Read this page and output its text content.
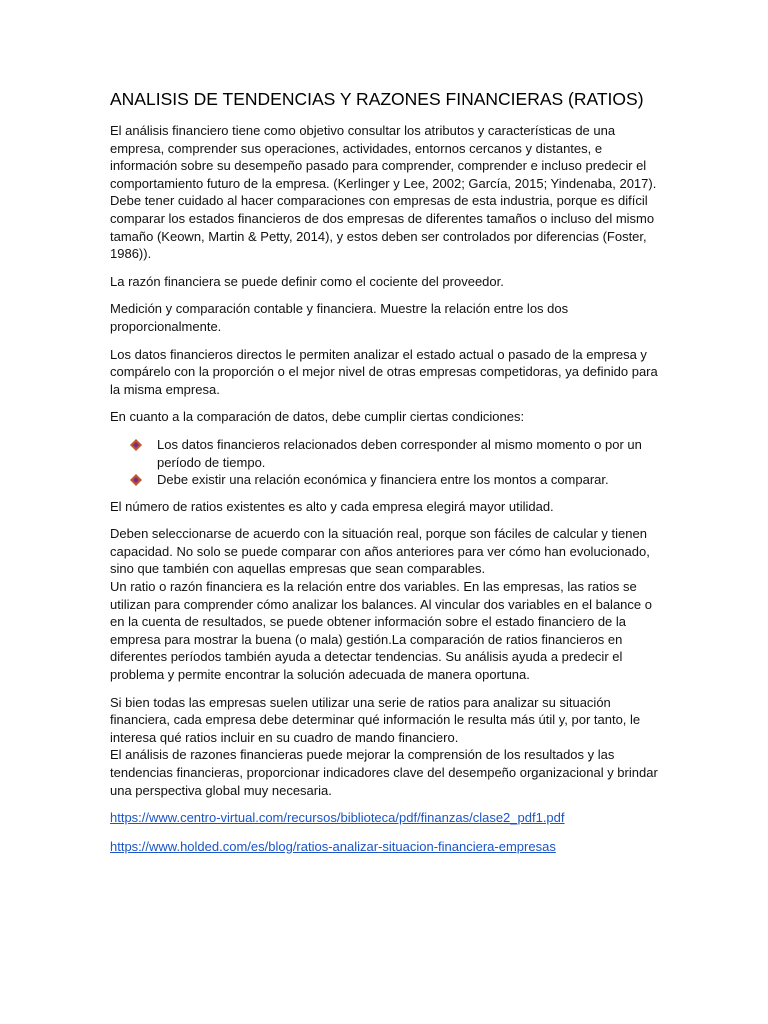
ANALISIS DE TENDENCIAS Y RAZONES FINANCIERAS (RATIOS)

El análisis financiero tiene como objetivo consultar los atributos y características de una empresa, comprender sus operaciones, actividades, entornos cercanos y distantes, e información sobre su desempeño pasado para comprender, comprender e incluso predecir el comportamiento futuro de la empresa. (Kerlinger y Lee, 2002; García, 2015; Yindenaba, 2017). Debe tener cuidado al hacer comparaciones con empresas de esta industria, porque es difícil comparar los estados financieros de dos empresas de diferentes tamaños o incluso del mismo tamaño (Keown, Martin & Petty, 2014), y estos deben ser controlados por diferencias (Foster, 1986)).

La razón financiera se puede definir como el cociente del proveedor.

Medición y comparación contable y financiera. Muestre la relación entre los dos proporcionalmente.

Los datos financieros directos le permiten analizar el estado actual o pasado de la empresa y compárelo con la proporción o el mejor nivel de otras empresas competidoras, ya definido para la misma empresa.

En cuanto a la comparación de datos, debe cumplir ciertas condiciones:

Los datos financieros relacionados deben corresponder al mismo momento o por un período de tiempo.
Debe existir una relación económica y financiera entre los montos a comparar.

El número de ratios existentes es alto y cada empresa elegirá mayor utilidad.

Deben seleccionarse de acuerdo con la situación real, porque son fáciles de calcular y tienen capacidad. No solo se puede comparar con años anteriores para ver cómo han evolucionado, sino que también con aquellas empresas que sean comparables.
Un ratio o razón financiera es la relación entre dos variables. En las empresas, las ratios se utilizan para comprender cómo analizar los balances. Al vincular dos variables en el balance o en la cuenta de resultados, se puede obtener información sobre el estado financiero de la empresa para mostrar la buena (o mala) gestión.La comparación de ratios financieros en diferentes períodos también ayuda a detectar tendencias. Su análisis ayuda a predecir el problema y permite encontrar la solución adecuada de manera oportuna.

Si bien todas las empresas suelen utilizar una serie de ratios para analizar su situación financiera, cada empresa debe determinar qué información le resulta más útil y, por tanto, le interesa qué ratios incluir en su cuadro de mando financiero.
El análisis de razones financieras puede mejorar la comprensión de los resultados y las tendencias financieras, proporcionar indicadores clave del desempeño organizacional y brindar una perspectiva global muy necesaria.

https://www.centro-virtual.com/recursos/biblioteca/pdf/finanzas/clase2_pdf1.pdf
https://www.holded.com/es/blog/ratios-analizar-situacion-financiera-empresas
